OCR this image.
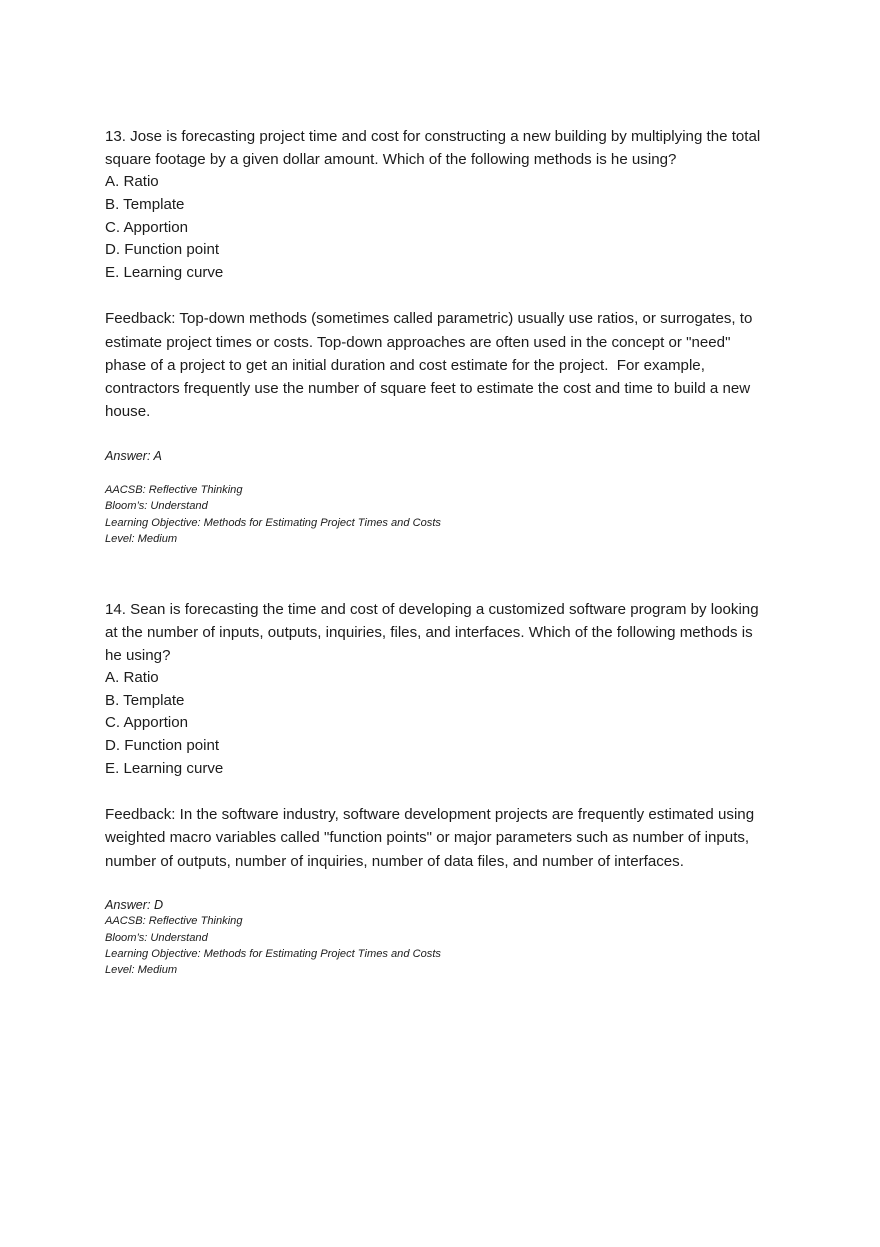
13. Jose is forecasting project time and cost for constructing a new building by multiplying the total square footage by a given dollar amount. Which of the following methods is he using?

A. Ratio
B. Template
C. Apportion
D. Function point
E. Learning curve

Feedback: Top-down methods (sometimes called parametric) usually use ratios, or surrogates, to estimate project times or costs. Top-down approaches are often used in the concept or "need" phase of a project to get an initial duration and cost estimate for the project.  For example, contractors frequently use the number of square feet to estimate the cost and time to build a new house.

Answer: A

AACSB: Reflective Thinking

Bloom’s: Understand

Learning Objective: Methods for Estimating Project Times and Costs

Level: Medium

14. Sean is forecasting the time and cost of developing a customized software program by looking at the number of inputs, outputs, inquiries, files, and interfaces. Which of the following methods is he using?

A. Ratio
B. Template
C. Apportion
D. Function point
E. Learning curve

Feedback: In the software industry, software development projects are frequently estimated using weighted macro variables called "function points" or major parameters such as number of inputs, number of outputs, number of inquiries, number of data files, and number of interfaces.

Answer: D

AACSB: Reflective Thinking

Bloom’s: Understand

Learning Objective: Methods for Estimating Project Times and Costs

Level: Medium
